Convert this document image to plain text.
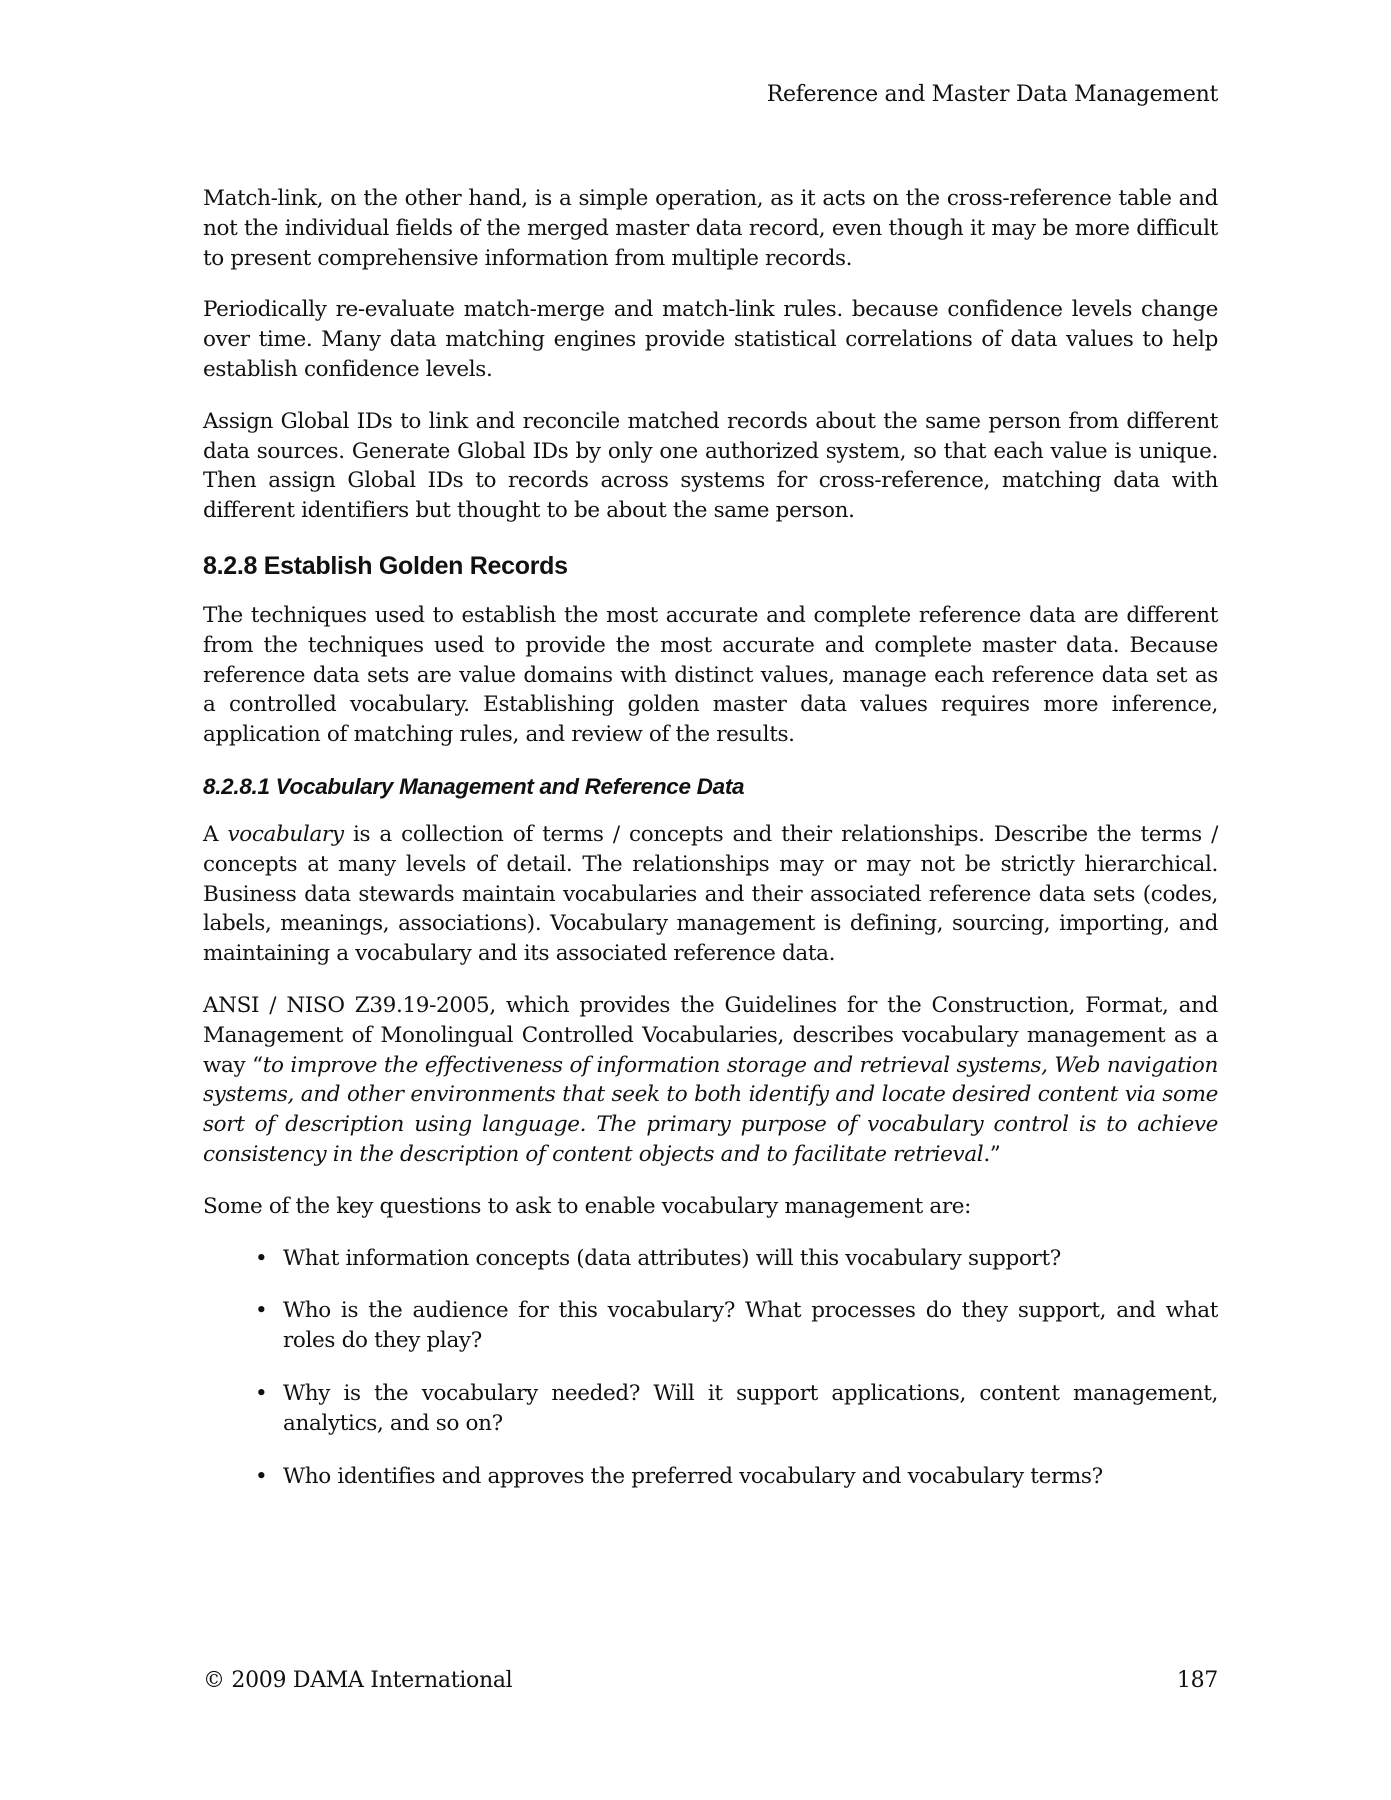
Reference and Master Data Management

Match-link, on the other hand, is a simple operation, as it acts on the cross-reference table and not the individual fields of the merged master data record, even though it may be more difficult to present comprehensive information from multiple records.

Periodically re-evaluate match-merge and match-link rules. because confidence levels change over time. Many data matching engines provide statistical correlations of data values to help establish confidence levels.

Assign Global IDs to link and reconcile matched records about the same person from different data sources. Generate Global IDs by only one authorized system, so that each value is unique. Then assign Global IDs to records across systems for cross-reference, matching data with different identifiers but thought to be about the same person.

8.2.8 Establish Golden Records

The techniques used to establish the most accurate and complete reference data are different from the techniques used to provide the most accurate and complete master data. Because reference data sets are value domains with distinct values, manage each reference data set as a controlled vocabulary. Establishing golden master data values requires more inference, application of matching rules, and review of the results.

8.2.8.1 Vocabulary Management and Reference Data

A vocabulary is a collection of terms / concepts and their relationships. Describe the terms / concepts at many levels of detail. The relationships may or may not be strictly hierarchical. Business data stewards maintain vocabularies and their associated reference data sets (codes, labels, meanings, associations). Vocabulary management is defining, sourcing, importing, and maintaining a vocabulary and its associated reference data.

ANSI / NISO Z39.19-2005, which provides the Guidelines for the Construction, Format, and Management of Monolingual Controlled Vocabularies, describes vocabulary management as a way “to improve the effectiveness of information storage and retrieval systems, Web navigation systems, and other environments that seek to both identify and locate desired content via some sort of description using language. The primary purpose of vocabulary control is to achieve consistency in the description of content objects and to facilitate retrieval.”

Some of the key questions to ask to enable vocabulary management are:

• What information concepts (data attributes) will this vocabulary support?
• Who is the audience for this vocabulary? What processes do they support, and what roles do they play?
• Why is the vocabulary needed? Will it support applications, content management, analytics, and so on?
• Who identifies and approves the preferred vocabulary and vocabulary terms?
© 2009 DAMA International	187
